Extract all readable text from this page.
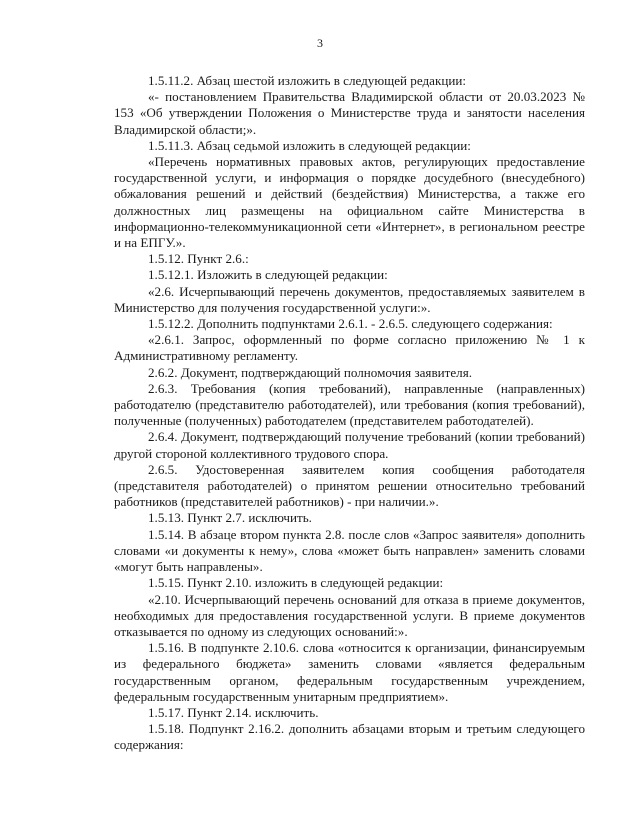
3

1.5.11.2. Абзац шестой изложить в следующей редакции:

«- постановлением Правительства Владимирской области от 20.03.2023 № 153 «Об утверждении Положения о Министерстве труда и занятости населения Владимирской области;».

1.5.11.3. Абзац седьмой изложить в следующей редакции:

«Перечень нормативных правовых актов, регулирующих предоставление государственной услуги, и информация о порядке досудебного (внесудебного) обжалования решений и действий (бездействия) Министерства, а также его должностных лиц размещены на официальном сайте Министерства в информационно-телекоммуникационной сети «Интернет», в региональном реестре и на ЕПГУ.».

1.5.12. Пункт 2.6.:

1.5.12.1. Изложить в следующей редакции:

«2.6. Исчерпывающий перечень документов, предоставляемых заявителем в Министерство для получения государственной услуги:».

1.5.12.2. Дополнить подпунктами 2.6.1. - 2.6.5. следующего содержания:

«2.6.1. Запрос, оформленный по форме согласно приложению № 1 к Административному регламенту.

2.6.2. Документ, подтверждающий полномочия заявителя.

2.6.3. Требования (копия требований), направленные (направленных) работодателю (представителю работодателей), или требования (копия требований), полученные (полученных) работодателем (представителем работодателей).

2.6.4. Документ, подтверждающий получение требований (копии требований) другой стороной коллективного трудового спора.

2.6.5. Удостоверенная заявителем копия сообщения работодателя (представителя работодателей) о принятом решении относительно требований работников (представителей работников) - при наличии.».

1.5.13. Пункт 2.7. исключить.

1.5.14. В абзаце втором пункта 2.8. после слов «Запрос заявителя» дополнить словами «и документы к нему», слова «может быть направлен» заменить словами «могут быть направлены».

1.5.15. Пункт 2.10. изложить в следующей редакции:

«2.10. Исчерпывающий перечень оснований для отказа в приеме документов, необходимых для предоставления государственной услуги. В приеме документов отказывается по одному из следующих оснований:».

1.5.16. В подпункте 2.10.6. слова «относится к организации, финансируемым из федерального бюджета» заменить словами «является федеральным государственным органом, федеральным государственным учреждением, федеральным государственным унитарным предприятием».

1.5.17. Пункт 2.14. исключить.

1.5.18. Подпункт 2.16.2. дополнить абзацами вторым и третьим следующего содержания:
